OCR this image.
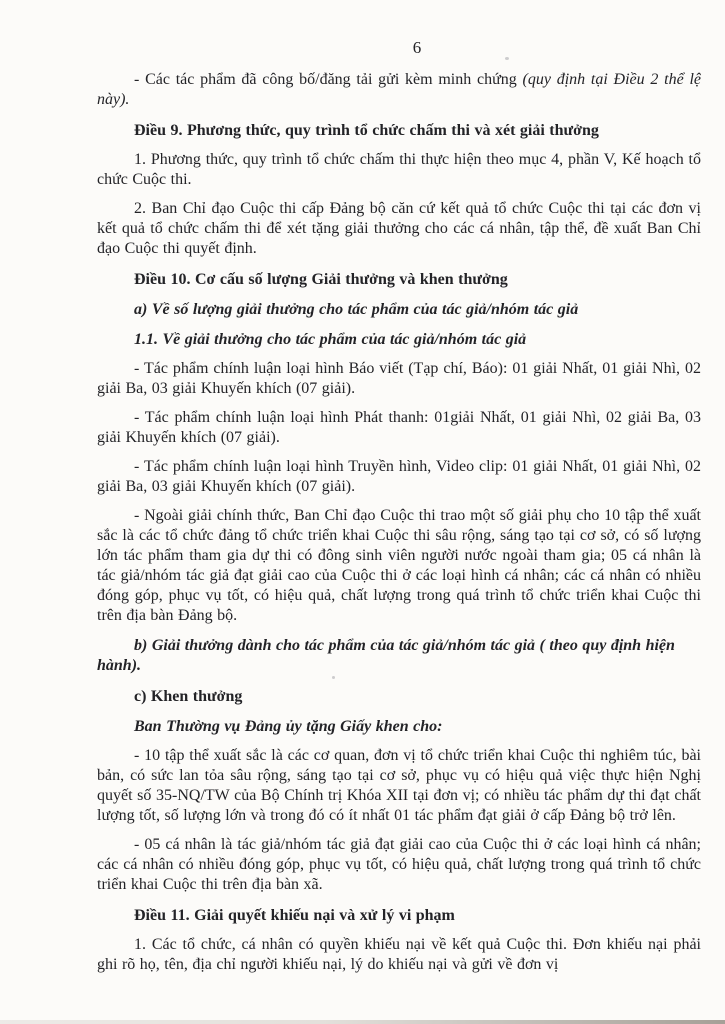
6

- Các tác phẩm đã công bố/đăng tải gửi kèm minh chứng (quy định tại Điều 2 thể lệ này).

Điều 9. Phương thức, quy trình tổ chức chấm thi và xét giải thưởng

1. Phương thức, quy trình tổ chức chấm thi thực hiện theo mục 4, phần V, Kế hoạch tổ chức Cuộc thi.

2. Ban Chỉ đạo Cuộc thi cấp Đảng bộ căn cứ kết quả tổ chức Cuộc thi tại các đơn vị kết quả tổ chức chấm thi để xét tặng giải thưởng cho các cá nhân, tập thể, đề xuất Ban Chỉ đạo Cuộc thi quyết định.

Điều 10. Cơ cấu số lượng Giải thưởng và khen thưởng

a) Về số lượng giải thưởng cho tác phẩm của tác giả/nhóm tác giả

1.1. Về giải thưởng cho tác phẩm của tác giả/nhóm tác giả

- Tác phẩm chính luận loại hình Báo viết (Tạp chí, Báo): 01 giải Nhất, 01 giải Nhì, 02 giải Ba, 03 giải Khuyến khích (07 giải).

- Tác phẩm chính luận loại hình Phát thanh: 01giải Nhất, 01 giải Nhì, 02 giải Ba, 03 giải Khuyến khích (07 giải).

- Tác phẩm chính luận loại hình Truyền hình, Video clip: 01 giải Nhất, 01 giải Nhì, 02 giải Ba, 03 giải Khuyến khích (07 giải).

- Ngoài giải chính thức, Ban Chỉ đạo Cuộc thi trao một số giải phụ cho 10 tập thể xuất sắc là các tổ chức đảng tổ chức triển khai Cuộc thi sâu rộng, sáng tạo tại cơ sở, có số lượng lớn tác phẩm tham gia dự thi có đông sinh viên người nước ngoài tham gia; 05 cá nhân là tác giả/nhóm tác giả đạt giải cao của Cuộc thi ở các loại hình cá nhân; các cá nhân có nhiều đóng góp, phục vụ tốt, có hiệu quả, chất lượng trong quá trình tổ chức triển khai Cuộc thi trên địa bàn Đảng bộ.

b) Giải thưởng dành cho tác phẩm của tác giả/nhóm tác giả ( theo quy định hiện hành).

c) Khen thưởng

Ban Thường vụ Đảng ủy tặng Giấy khen cho:

- 10 tập thể xuất sắc là các cơ quan, đơn vị tổ chức triển khai Cuộc thi nghiêm túc, bài bản, có sức lan tỏa sâu rộng, sáng tạo tại cơ sở, phục vụ có hiệu quả việc thực hiện Nghị quyết số 35-NQ/TW của Bộ Chính trị Khóa XII tại đơn vị; có nhiều tác phẩm dự thi đạt chất lượng tốt, số lượng lớn và trong đó có ít nhất 01 tác phẩm đạt giải ở cấp Đảng bộ trở lên.

- 05 cá nhân là tác giả/nhóm tác giả đạt giải cao của Cuộc thi ở các loại hình cá nhân; các cá nhân có nhiều đóng góp, phục vụ tốt, có hiệu quả, chất lượng trong quá trình tổ chức triển khai Cuộc thi trên địa bàn xã.

Điều 11. Giải quyết khiếu nại và xử lý vi phạm

1. Các tổ chức, cá nhân có quyền khiếu nại về kết quả Cuộc thi. Đơn khiếu nại phải ghi rõ họ, tên, địa chỉ người khiếu nại, lý do khiếu nại và gửi về đơn vị
